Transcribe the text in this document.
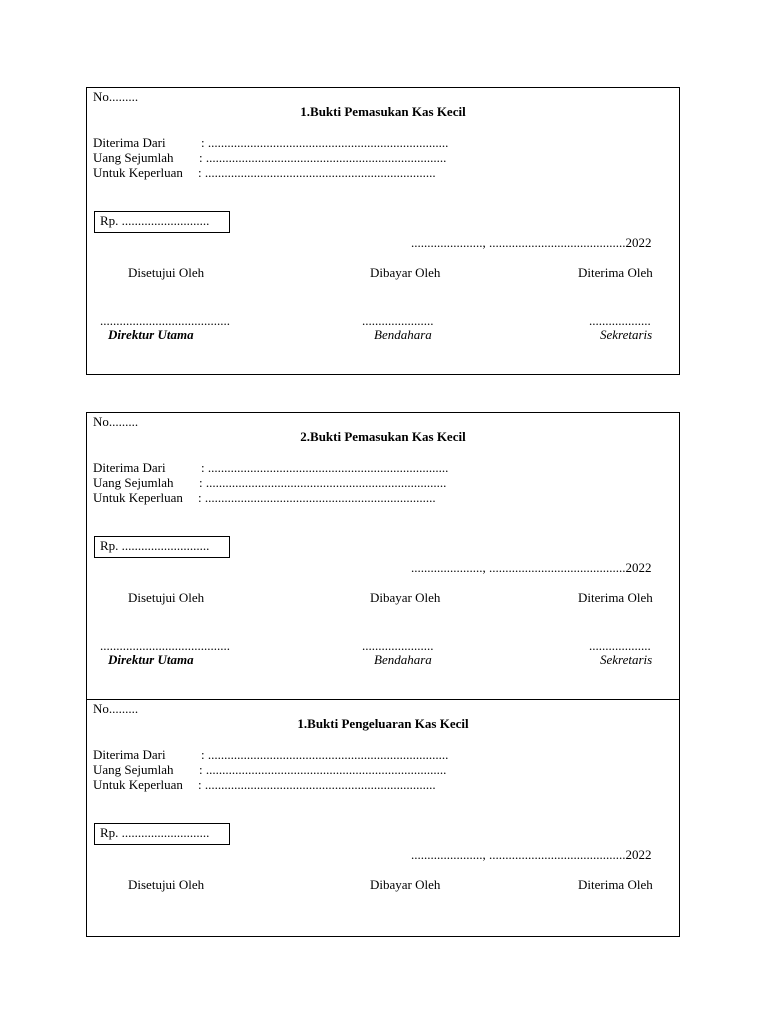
No.........
1.Bukti Pemasukan Kas Kecil
Diterima Dari	: ..........................................................................
Uang Sejumlah : ..........................................................................
Untuk Keperluan : .......................................................................
Rp. ...........................
......................, ..........................................2022
Disetujui Oleh	Dibayar Oleh	Diterima Oleh
........................................	......................	...................
Direktur Utama	Bendahara	Sekretaris
No.........
2.Bukti Pemasukan Kas Kecil
Diterima Dari	: ..........................................................................
Uang Sejumlah : ..........................................................................
Untuk Keperluan : .......................................................................
Rp. ...........................
......................, ..........................................2022
Disetujui Oleh	Dibayar Oleh	Diterima Oleh
........................................	......................	...................
Direktur Utama	Bendahara	Sekretaris
No.........
1.Bukti Pengeluaran Kas Kecil
Diterima Dari	: ..........................................................................
Uang Sejumlah : ..........................................................................
Untuk Keperluan : .......................................................................
Rp. ...........................
......................, ..........................................2022
Disetujui Oleh	Dibayar Oleh	Diterima Oleh
